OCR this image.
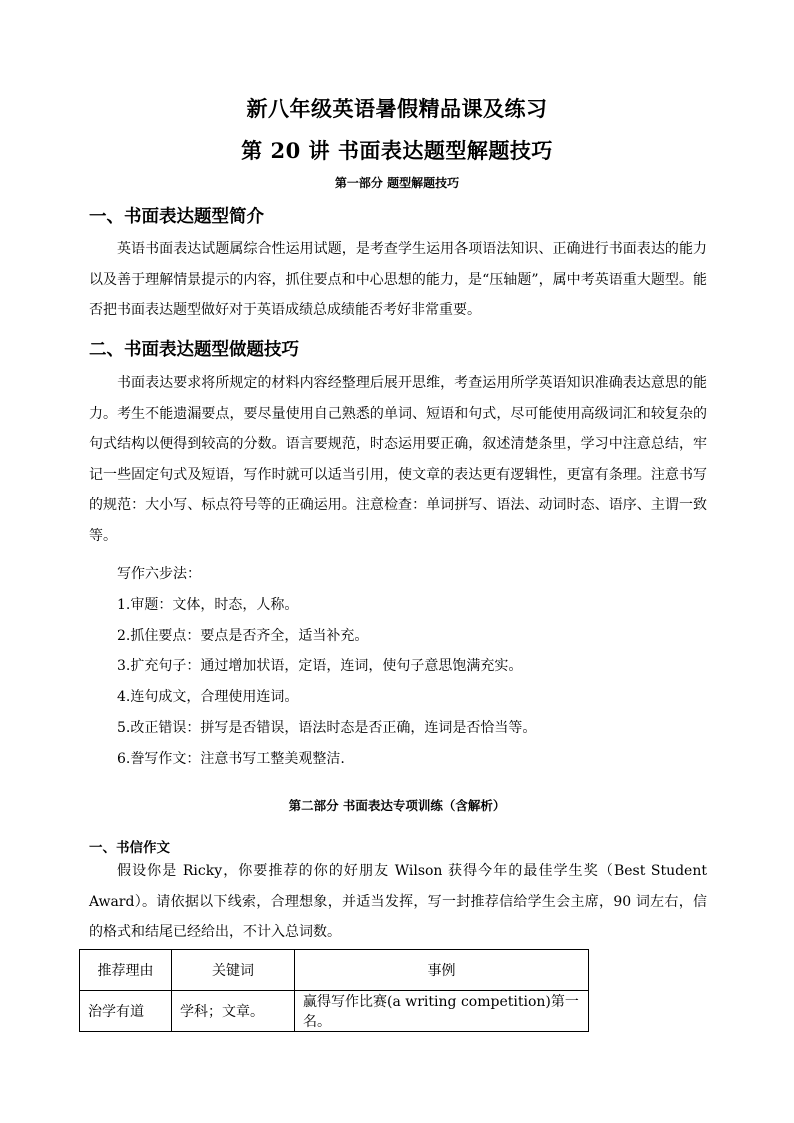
新八年级英语暑假精品课及练习
第 20 讲 书面表达题型解题技巧
第一部分 题型解题技巧
一、书面表达题型简介

英语书面表达试题属综合性运用试题，是考查学生运用各项语法知识、正确进行书面表达的能力以及善于理解情景提示的内容，抓住要点和中心思想的能力，是“压轴题”，属中考英语重大题型。能否把书面表达题型做好对于英语成绩总成绩能否考好非常重要。

二、书面表达题型做题技巧

书面表达要求将所规定的材料内容经整理后展开思维，考查运用所学英语知识准确表达意思的能力。考生不能遗漏要点，要尽量使用自己熟悉的单词、短语和句式，尽可能使用高级词汇和较复杂的句式结构以便得到较高的分数。语言要规范，时态运用要正确，叙述清楚条里，学习中注意总结，牢记一些固定句式及短语，写作时就可以适当引用，使文章的表达更有逻辑性，更富有条理。注意书写的规范：大小写、标点符号等的正确运用。注意检查：单词拼写、语法、动词时态、语序、主谓一致等。

写作六步法：
1.审题：文体，时态，人称。
2.抓住要点：要点是否齐全，适当补充。
3.扩充句子：通过增加状语，定语，连词，使句子意思饱满充实。
4.连句成文，合理使用连词。
5.改正错误：拼写是否错误，语法时态是否正确，连词是否恰当等。
6.誊写作文：注意书写工整美观整洁.
第二部分 书面表达专项训练（含解析）
一、书信作文

假设你是 Ricky，你要推荐的你的好朋友 Wilson 获得今年的最佳学生奖（Best Student Award）。请依据以下线索，合理想象，并适当发挥，写一封推荐信给学生会主席，90 词左右，信的格式和结尾已经给出，不计入总词数。

推荐理由	关键词	事例
治学有道	学科；文章。	赢得写作比赛(a writing competition)第一名。
